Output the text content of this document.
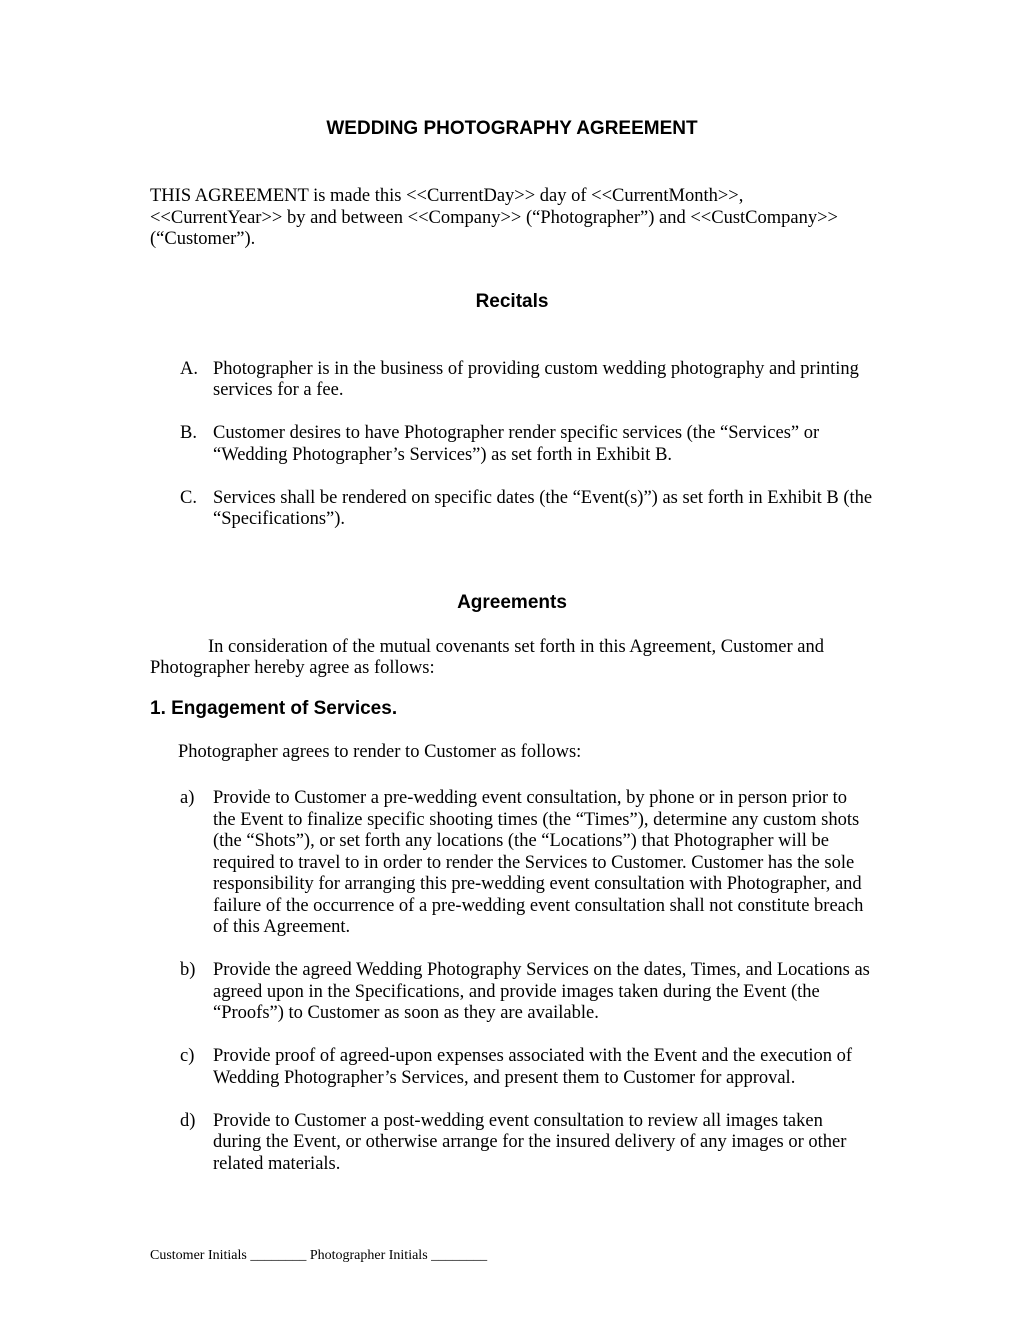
WEDDING PHOTOGRAPHY AGREEMENT

THIS AGREEMENT is made this <<CurrentDay>> day of <<CurrentMonth>>, <<CurrentYear>> by and between <<Company>> (“Photographer”) and <<CustCompany>> (“Customer”).

Recitals
A. Photographer is in the business of providing custom wedding photography and printing services for a fee.
B. Customer desires to have Photographer render specific services (the “Services” or “Wedding Photographer’s Services”) as set forth in Exhibit B.
C. Services shall be rendered on specific dates (the “Event(s)”) as set forth in Exhibit B (the “Specifications”).
Agreements

In consideration of the mutual covenants set forth in this Agreement, Customer and Photographer hereby agree as follows:

1. Engagement of Services.

Photographer agrees to render to Customer as follows:

a) Provide to Customer a pre-wedding event consultation, by phone or in person prior to the Event to finalize specific shooting times (the “Times”), determine any custom shots (the “Shots”), or set forth any locations (the “Locations”) that Photographer will be required to travel to in order to render the Services to Customer. Customer has the sole responsibility for arranging this pre-wedding event consultation with Photographer, and failure of the occurrence of a pre-wedding event consultation shall not constitute breach of this Agreement.
b) Provide the agreed Wedding Photography Services on the dates, Times, and Locations as agreed upon in the Specifications, and provide images taken during the Event (the “Proofs”) to Customer as soon as they are available.
c) Provide proof of agreed-upon expenses associated with the Event and the execution of Wedding Photographer’s Services, and present them to Customer for approval.
d) Provide to Customer a post-wedding event consultation to review all images taken during the Event, or otherwise arrange for the insured delivery of any images or other related materials.
Customer Initials ________ Photographer Initials ________
